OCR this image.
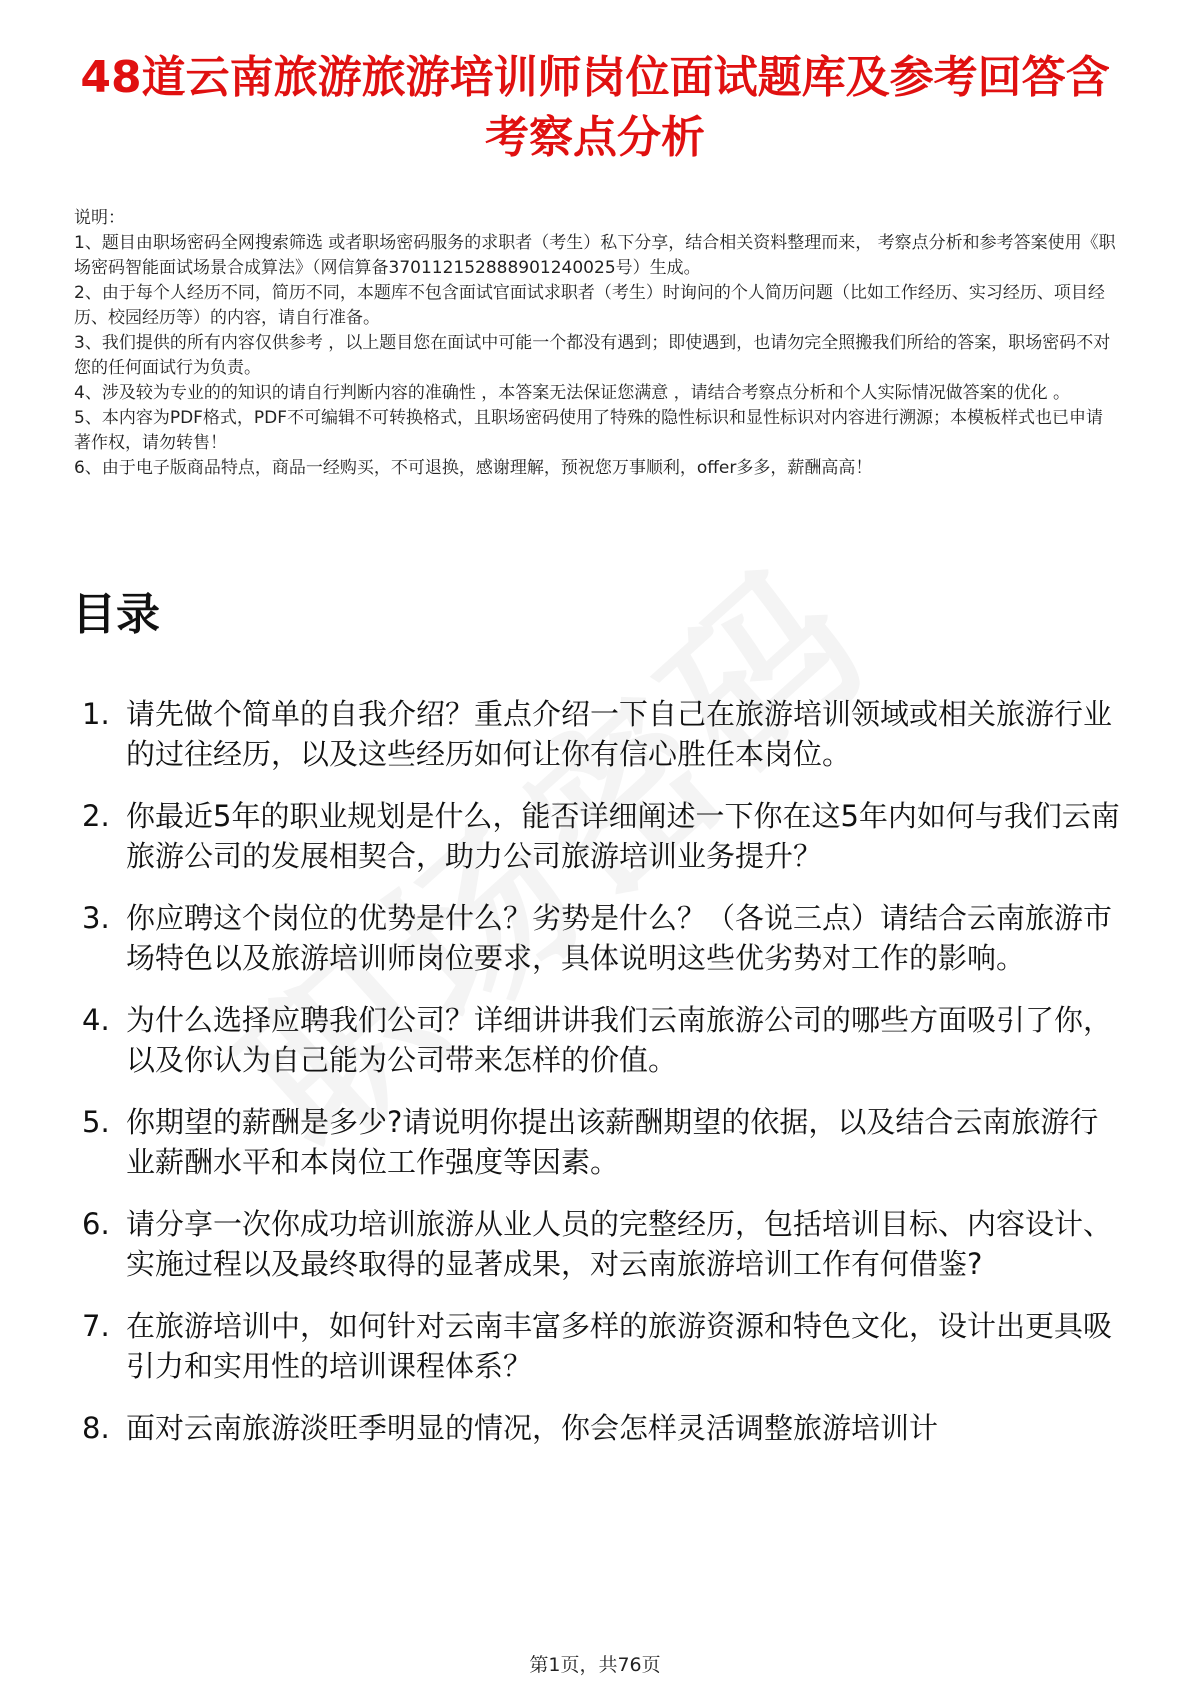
48道云南旅游旅游培训师岗位面试题库及参考回答含考察点分析

说明：

1、题目由职场密码全网搜索筛选 或者职场密码服务的求职者（考生）私下分享，结合相关资料整理而来， 考察点分析和参考答案使用《职场密码智能面试场景合成算法》（网信算备370112152888901240025号）生成。

2、由于每个人经历不同，简历不同，本题库不包含面试官面试求职者（考生）时询问的个人简历问题（比如工作经历、实习经历、项目经历、校园经历等）的内容，请自行准备。

3、我们提供的所有内容仅供参考 ，以上题目您在面试中可能一个都没有遇到；即使遇到，也请勿完全照搬我们所给的答案，职场密码不对您的任何面试行为负责。

4、涉及较为专业的的知识的请自行判断内容的准确性 ，本答案无法保证您满意 ，请结合考察点分析和个人实际情况做答案的优化 。

5、本内容为PDF格式，PDF不可编辑不可转换格式，且职场密码使用了特殊的隐性标识和显性标识对内容进行溯源；本模板样式也已申请著作权，请勿转售！

6、由于电子版商品特点，商品一经购买，不可退换，感谢理解，预祝您万事顺利，offer多多，薪酬高高！

目录
1. 请先做个简单的自我介绍？重点介绍一下自己在旅游培训领域或相关旅游行业的过往经历，以及这些经历如何让你有信心胜任本岗位。
2. 你最近5年的职业规划是什么，能否详细阐述一下你在这5年内如何与我们云南旅游公司的发展相契合，助力公司旅游培训业务提升？
3. 你应聘这个岗位的优势是什么？劣势是什么？（各说三点）请结合云南旅游市场特色以及旅游培训师岗位要求，具体说明这些优劣势对工作的影响。
4. 为什么选择应聘我们公司？详细讲讲我们云南旅游公司的哪些方面吸引了你，以及你认为自己能为公司带来怎样的价值。
5. 你期望的薪酬是多少?请说明你提出该薪酬期望的依据，以及结合云南旅游行业薪酬水平和本岗位工作强度等因素。
6. 请分享一次你成功培训旅游从业人员的完整经历，包括培训目标、内容设计、实施过程以及最终取得的显著成果，对云南旅游培训工作有何借鉴?
7. 在旅游培训中，如何针对云南丰富多样的旅游资源和特色文化，设计出更具吸引力和实用性的培训课程体系？
8. 面对云南旅游淡旺季明显的情况，你会怎样灵活调整旅游培训计
第1页，共76页
